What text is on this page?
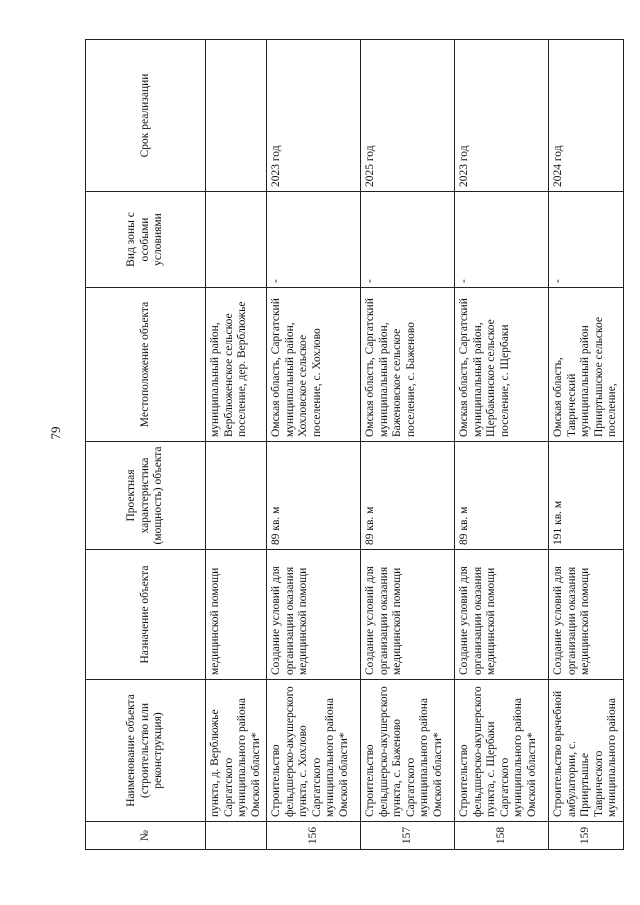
79
№	Наименование объекта (строительство или реконструкция)	Назначение объекта	Проектная характеристика (мощность) объекта	Местоположение объекта	Вид зоны с особыми условиями	Срок реализации
	пункта, д. Верблюжье Саргатского муниципального района Омской области*	медицинской помощи		муниципальный район, Верблюженское сельское поселение, дер. Верблюжье		
156	Строительство фельдшерско-акушерского пункта, с. Хохлово Саргатского муниципального района Омской области*	Создание условий для организации оказания медицинской помощи	89 кв. м	Омская область, Саргатский муниципальный район, Хохловское сельское поселение, с. Хохлово	-	2023 год
157	Строительство фельдшерско-акушерского пункта, с. Баженово Саргатского муниципального района Омской области*	Создание условий для организации оказания медицинской помощи	89 кв. м	Омская область, Саргатский муниципальный район, Баженовское сельское поселение, с. Баженово	-	2025 год
158	Строительство фельдшерско-акушерского пункта, с. Щербаки Саргатского муниципального района Омской области*	Создание условий для организации оказания медицинской помощи	89 кв. м	Омская область, Саргатский муниципальный район, Щербакинское сельское поселение, с. Щербаки	-	2023 год
159	Строительство врачебной амбулатории, с. Прииртышье Таврического муниципального района	Создание условий для организации оказания медицинской помощи	191 кв. м	Омская область, Таврический муниципальный район Прииртышское сельское поселение,	-	2024 год
